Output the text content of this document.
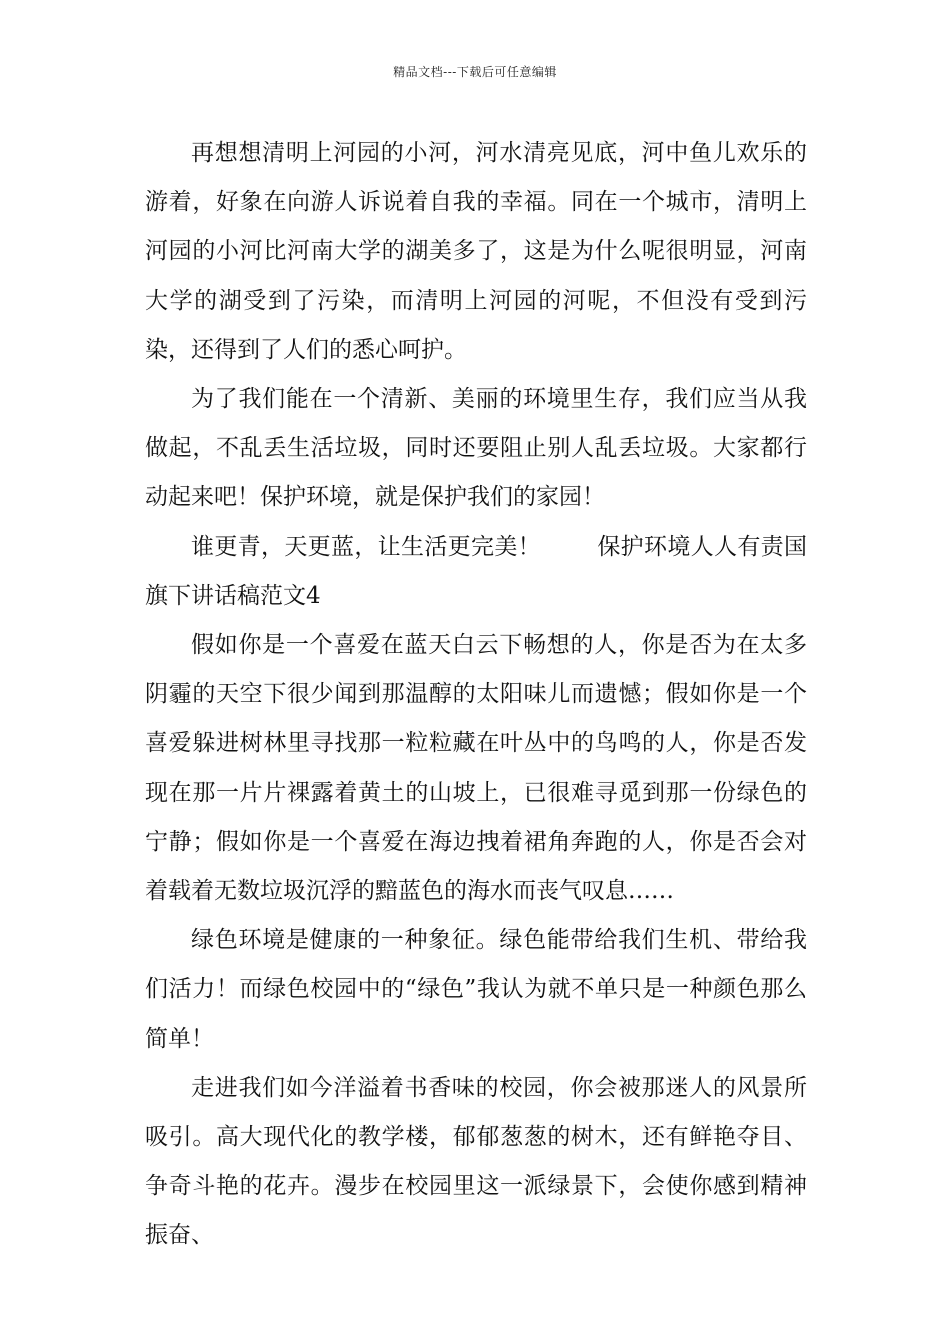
精品文档---下载后可任意编辑

再想想清明上河园的小河，河水清亮见底，河中鱼儿欢乐的游着，好象在向游人诉说着自我的幸福。同在一个城市，清明上河园的小河比河南大学的湖美多了，这是为什么呢很明显，河南大学的湖受到了污染，而清明上河园的河呢，不但没有受到污染，还得到了人们的悉心呵护。

为了我们能在一个清新、美丽的环境里生存，我们应当从我做起，不乱丢生活垃圾，同时还要阻止别人乱丢垃圾。大家都行动起来吧！保护环境，就是保护我们的家园！

谁更青，天更蓝，让生活更完美！ 保护环境人人有责国旗下讲话稿范文4

假如你是一个喜爱在蓝天白云下畅想的人，你是否为在太多阴霾的天空下很少闻到那温醇的太阳味儿而遗憾；假如你是一个喜爱躲进树林里寻找那一粒粒藏在叶丛中的鸟鸣的人，你是否发现在那一片片裸露着黄土的山坡上，已很难寻觅到那一份绿色的宁静；假如你是一个喜爱在海边拽着裙角奔跑的人，你是否会对着载着无数垃圾沉浮的黯蓝色的海水而丧气叹息……

绿色环境是健康的一种象征。绿色能带给我们生机、带给我们活力！而绿色校园中的“绿色”我认为就不单只是一种颜色那么简单！

走进我们如今洋溢着书香味的校园，你会被那迷人的风景所吸引。高大现代化的教学楼，郁郁葱葱的树木，还有鲜艳夺目、争奇斗艳的花卉。漫步在校园里这一派绿景下，会使你感到精神振奋、
